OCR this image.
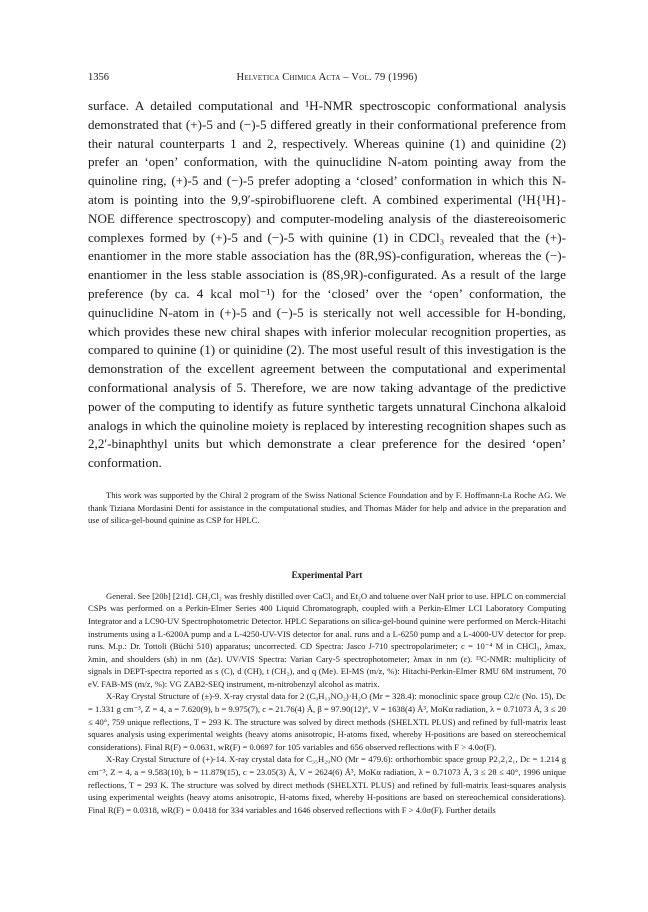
1356	Helvetica Chimica Acta – Vol. 79 (1996)

surface. A detailed computational and ¹H-NMR spectroscopic conformational analysis demonstrated that (+)-5 and (−)-5 differed greatly in their conformational preference from their natural counterparts 1 and 2, respectively. Whereas quinine (1) and quinidine (2) prefer an ‘open’ conformation, with the quinuclidine N-atom pointing away from the quinoline ring, (+)-5 and (−)-5 prefer adopting a ‘closed’ conformation in which this N-atom is pointing into the 9,9′-spirobifluorene cleft. A combined experimental (¹H{¹H}-NOE difference spectroscopy) and computer-modeling analysis of the diastereoisomeric complexes formed by (+)-5 and (−)-5 with quinine (1) in CDCl₃ revealed that the (+)-enantiomer in the more stable association has the (8R,9S)-configuration, whereas the (−)-enantiomer in the less stable association is (8S,9R)-configurated. As a result of the large preference (by ca. 4 kcal mol⁻¹) for the ‘closed’ over the ‘open’ conformation, the quinuclidine N-atom in (+)-5 and (−)-5 is sterically not well accessible for H-bonding, which provides these new chiral shapes with inferior molecular recognition properties, as compared to quinine (1) or quinidine (2). The most useful result of this investigation is the demonstration of the excellent agreement between the computational and experimental conformational analysis of 5. Therefore, we are now taking advantage of the predictive power of the computing to identify as future synthetic targets unnatural Cinchona alkaloid analogs in which the quinoline moiety is replaced by interesting recognition shapes such as 2,2′-binaphthyl units but which demonstrate a clear preference for the desired ‘open’ conformation.

This work was supported by the Chiral 2 program of the Swiss National Science Foundation and by F. Hoffmann-La Roche AG. We thank Tiziana Mordasini Denti for assistance in the computational studies, and Thomas Mäder for help and advice in the preparation and use of silica-gel-bound quinine as CSP for HPLC.

Experimental Part

General. See [20b] [21d]. CH₂Cl₂ was freshly distilled over CaCl₂ and Et₂O and toluene over NaH prior to use. HPLC on commercial CSPs was performed on a Perkin-Elmer Series 400 Liquid Chromatograph, coupled with a Perkin-Elmer LCI Laboratory Computing Integrator and a LC90-UV Spectrophotometric Detector. HPLC Separations on silica-gel-bound quinine were performed on Merck-Hitachi instruments using a L-6200A pump and a L-4250-UV-VIS detector for anal. runs and a L-6250 pump and a L-4000-UV detector for prep. runs. M.p.: Dr. Tottoli (Büchi 510) apparatus; uncorrected. CD Spectra: Jasco J-710 spectropolarimeter; c = 10⁻⁴ M in CHCl₃, λmax, λmin, and shoulders (sh) in nm (Δε). UV/VIS Spectra: Varian Cary-5 spectrophotometer; λmax in nm (ε). ¹³C-NMR: multiplicity of signals in DEPT-spectra reported as s (C), d (CH), t (CH₂), and q (Me). EI-MS (m/z, %): Hitachi-Perkin-Elmer RMU 6M instrument, 70 eV. FAB-MS (m/z, %): VG ZAB2-SEQ instrument, m-nitrobenzyl alcohol as matrix.

X-Ray Crystal Structure of (±)-9. X-ray crystal data for 2 (C₉H₁₃NO₂)·H₂O (Mr = 328.4): monoclinic space group C2/c (No. 15), Dc = 1.331 g cm⁻³, Z = 4, a = 7.620(9), b = 9.975(7), c = 21.76(4) Å, β = 97.90(12)°, V = 1638(4) Å³, MoKα radiation, λ = 0.71073 Å, 3 ≤ 2θ ≤ 40°, 759 unique reflections, T = 293 K. The structure was solved by direct methods (SHELXTL PLUS) and refined by full-matrix least squares analysis using experimental weights (heavy atoms anisotropic, H-atoms fixed, whereby H-positions are based on stereochemical considerations). Final R(F) = 0.0631, wR(F) = 0.0697 for 105 variables and 656 observed reflections with F > 4.0σ(F).

X-Ray Crystal Structure of (+)-14. X-ray crystal data for C₃₅H₂₉NO (Mr = 479.6): orthorhombic space group P2₁2₁2₁, Dc = 1.214 g cm⁻³, Z = 4, a = 9.583(10), b = 11.879(15), c = 23.05(3) Å, V = 2624(6) Å³, MoKα radiation, λ = 0.71073 Å, 3 ≤ 2θ ≤ 40°, 1996 unique reflections, T = 293 K. The structure was solved by direct methods (SHELXTL PLUS) and refined by full-matrix least-squares analysis using experimental weights (heavy atoms anisotropic, H-atoms fixed, whereby H-positions are based on stereochemical considerations). Final R(F) = 0.0318, wR(F) = 0.0418 for 334 variables and 1646 observed reflections with F > 4.0σ(F). Further details
